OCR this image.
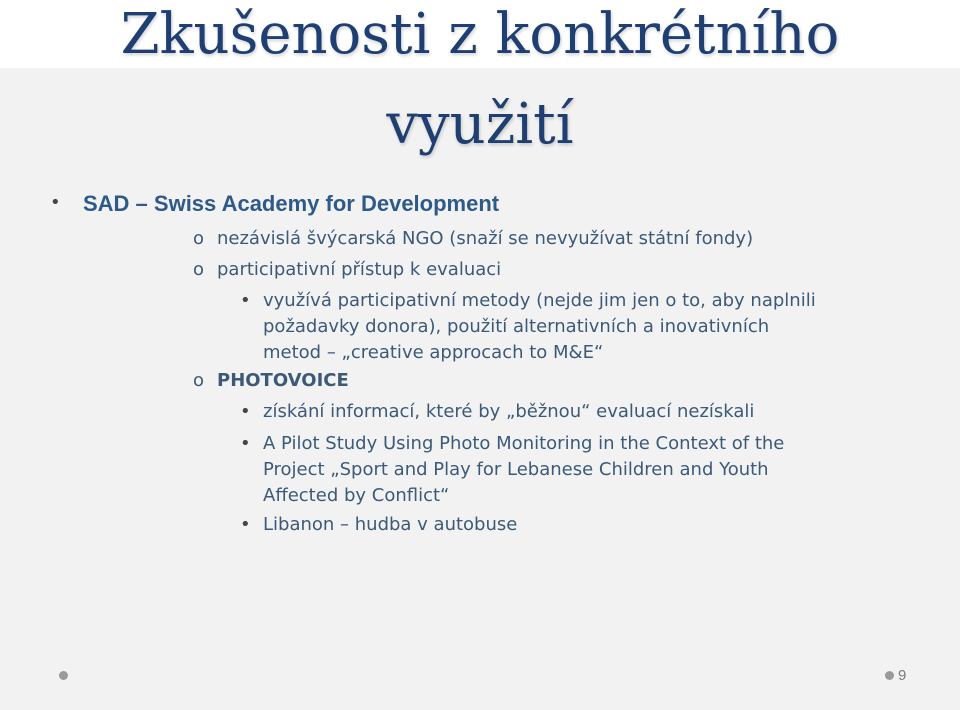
Zkušenosti z konkrétního
využití
• SAD – Swiss Academy for Development
o nezávislá švýcarská NGO (snaží se nevyužívat státní fondy)
o participativní přístup k evaluaci
• využívá participativní metody (nejde jim jen o to, aby naplnili
požadavky donora), použití alternativních a inovativních
metod – „creative approcach to M&E“
o PHOTOVOICE
• získání informací, které by „běžnou“ evaluací nezískali
• A Pilot Study Using Photo Monitoring in the Context of the
Project „Sport and Play for Lebanese Children and Youth
Affected by Conflict“
• Libanon – hudba v autobuse
9
